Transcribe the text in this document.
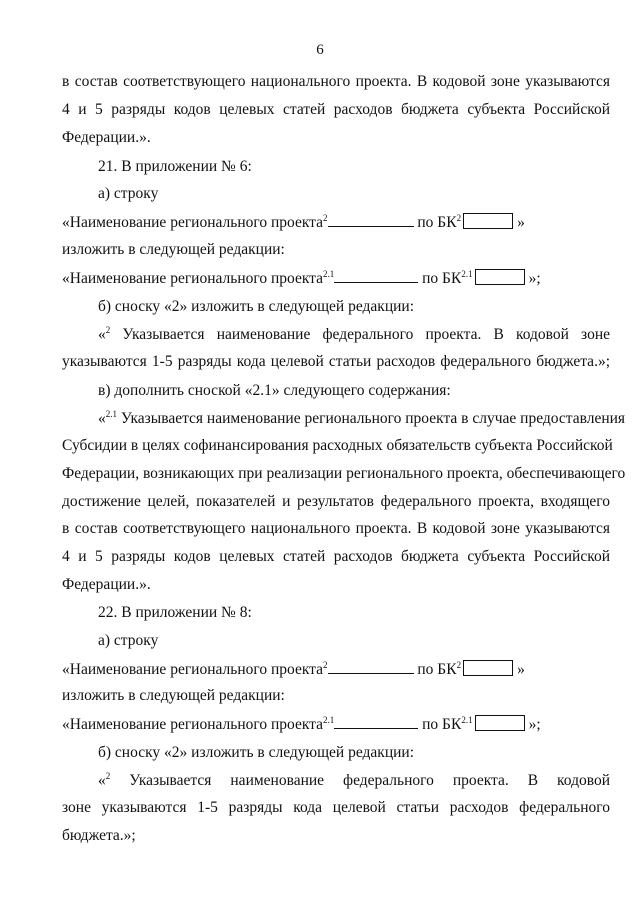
6
в состав соответствующего национального проекта. В кодовой зоне указываются
4 и 5 разряды кодов целевых статей расходов бюджета субъекта Российской
Федерации.».
21. В приложении № 6:
а) строку
«Наименование регионального проекта$^2$	по $БК^2$	»
изложить в следующей редакции:
«Наименование регионального проекта$^{2.1}$	по $БК^{2.1}$	»;
б) сноску «2» изложить в следующей редакции:
«$^2$ Указывается наименование федерального проекта. В кодовой зоне
указываются 1-5 разряды кода целевой статьи расходов федерального бюджета.»;
в) дополнить сноской «2.1» следующего содержания:
«$^{2.1}$ Указывается наименование регионального проекта в случае предоставления
Субсидии в целях софинансирования расходных обязательств субъекта Российской
Федерации, возникающих при реализации регионального проекта, обеспечивающего
достижение целей, показателей и результатов федерального проекта, входящего
в состав соответствующего национального проекта. В кодовой зоне указываются
4 и 5 разряды кодов целевых статей расходов бюджета субъекта Российской
Федерации.».
22. В приложении № 8:
а) строку
«Наименование регионального проекта$^2$	по $БК^2$	»
изложить в следующей редакции:
«Наименование регионального проекта$^{2.1}$	по $БК^{2.1}$	»;
б) сноску «2» изложить в следующей редакции:
«$^2$ Указывается наименование федерального проекта. В кодовой
зоне указываются 1-5 разряды кода целевой статьи расходов федерального
бюджета.»;
